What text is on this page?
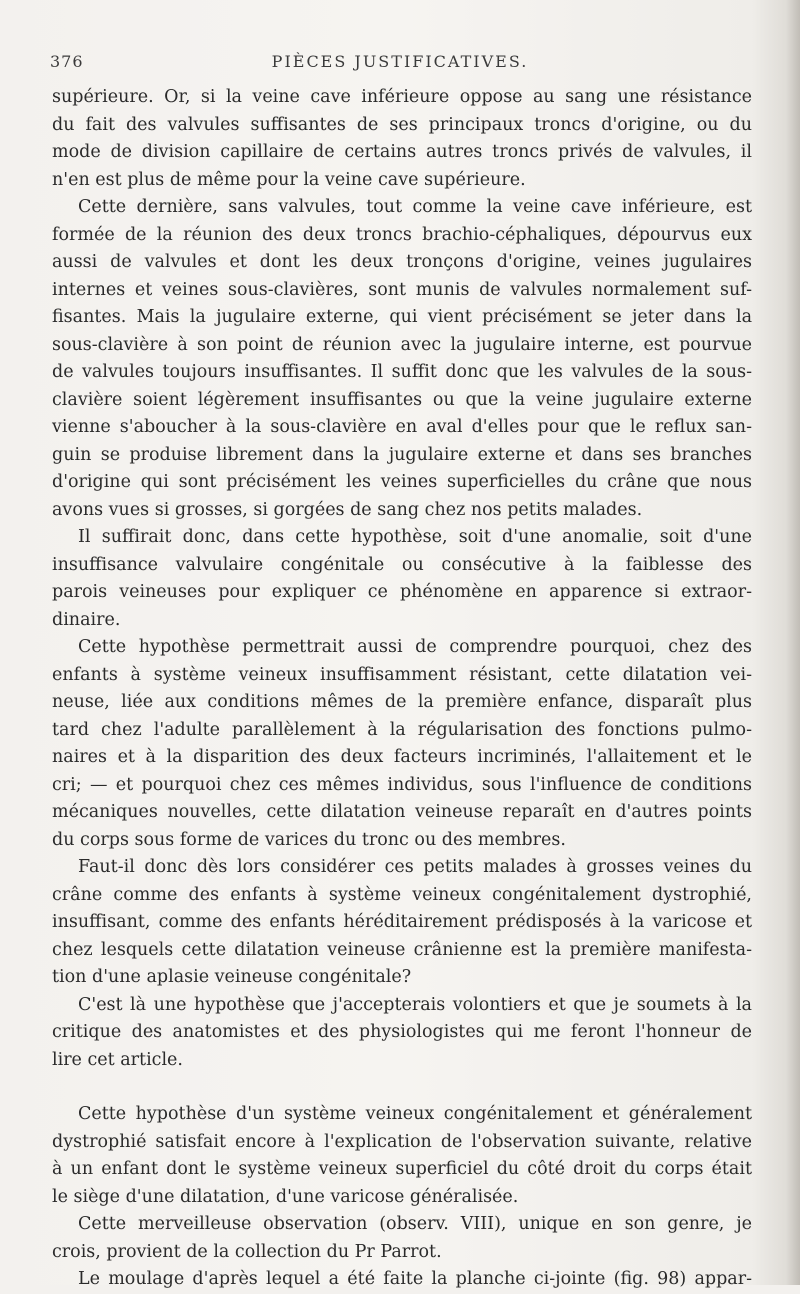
376	PIÈCES JUSTIFICATIVES.
supérieure. Or, si la veine cave inférieure oppose au sang une résistance
du fait des valvules suffisantes de ses principaux troncs d'origine, ou du
mode de division capillaire de certains autres troncs privés de valvules, il
n'en est plus de même pour la veine cave supérieure.
Cette dernière, sans valvules, tout comme la veine cave inférieure, est
formée de la réunion des deux troncs brachio-céphaliques, dépourvus eux
aussi de valvules et dont les deux tronçons d'origine, veines jugulaires
internes et veines sous-clavières, sont munis de valvules normalement suf-
fisantes. Mais la jugulaire externe, qui vient précisément se jeter dans la
sous-clavière à son point de réunion avec la jugulaire interne, est pourvue
de valvules toujours insuffisantes. Il suffit donc que les valvules de la sous-
clavière soient légèrement insuffisantes ou que la veine jugulaire externe
vienne s'aboucher à la sous-clavière en aval d'elles pour que le reflux san-
guin se produise librement dans la jugulaire externe et dans ses branches
d'origine qui sont précisément les veines superficielles du crâne que nous
avons vues si grosses, si gorgées de sang chez nos petits malades.
Il suffirait donc, dans cette hypothèse, soit d'une anomalie, soit d'une
insuffisance valvulaire congénitale ou consécutive à la faiblesse des
parois veineuses pour expliquer ce phénomène en apparence si extraor-
dinaire.
Cette hypothèse permettrait aussi de comprendre pourquoi, chez des
enfants à système veineux insuffisamment résistant, cette dilatation vei-
neuse, liée aux conditions mêmes de la première enfance, disparaît plus
tard chez l'adulte parallèlement à la régularisation des fonctions pulmo-
naires et à la disparition des deux facteurs incriminés, l'allaitement et le
cri; — et pourquoi chez ces mêmes individus, sous l'influence de conditions
mécaniques nouvelles, cette dilatation veineuse reparaît en d'autres points
du corps sous forme de varices du tronc ou des membres.
Faut-il donc dès lors considérer ces petits malades à grosses veines du
crâne comme des enfants à système veineux congénitalement dystrophié,
insuffisant, comme des enfants héréditairement prédisposés à la varicose et
chez lesquels cette dilatation veineuse crânienne est la première manifesta-
tion d'une aplasie veineuse congénitale?
C'est là une hypothèse que j'accepterais volontiers et que je soumets à la
critique des anatomistes et des physiologistes qui me feront l'honneur de
lire cet article.
Cette hypothèse d'un système veineux congénitalement et généralement
dystrophié satisfait encore à l'explication de l'observation suivante, relative
à un enfant dont le système veineux superficiel du côté droit du corps était
le siège d'une dilatation, d'une varicose généralisée.
Cette merveilleuse observation (observ. VIII), unique en son genre, je
crois, provient de la collection du Pr Parrot.
Le moulage d'après lequel a été faite la planche ci-jointe (fig. 98) appar-
